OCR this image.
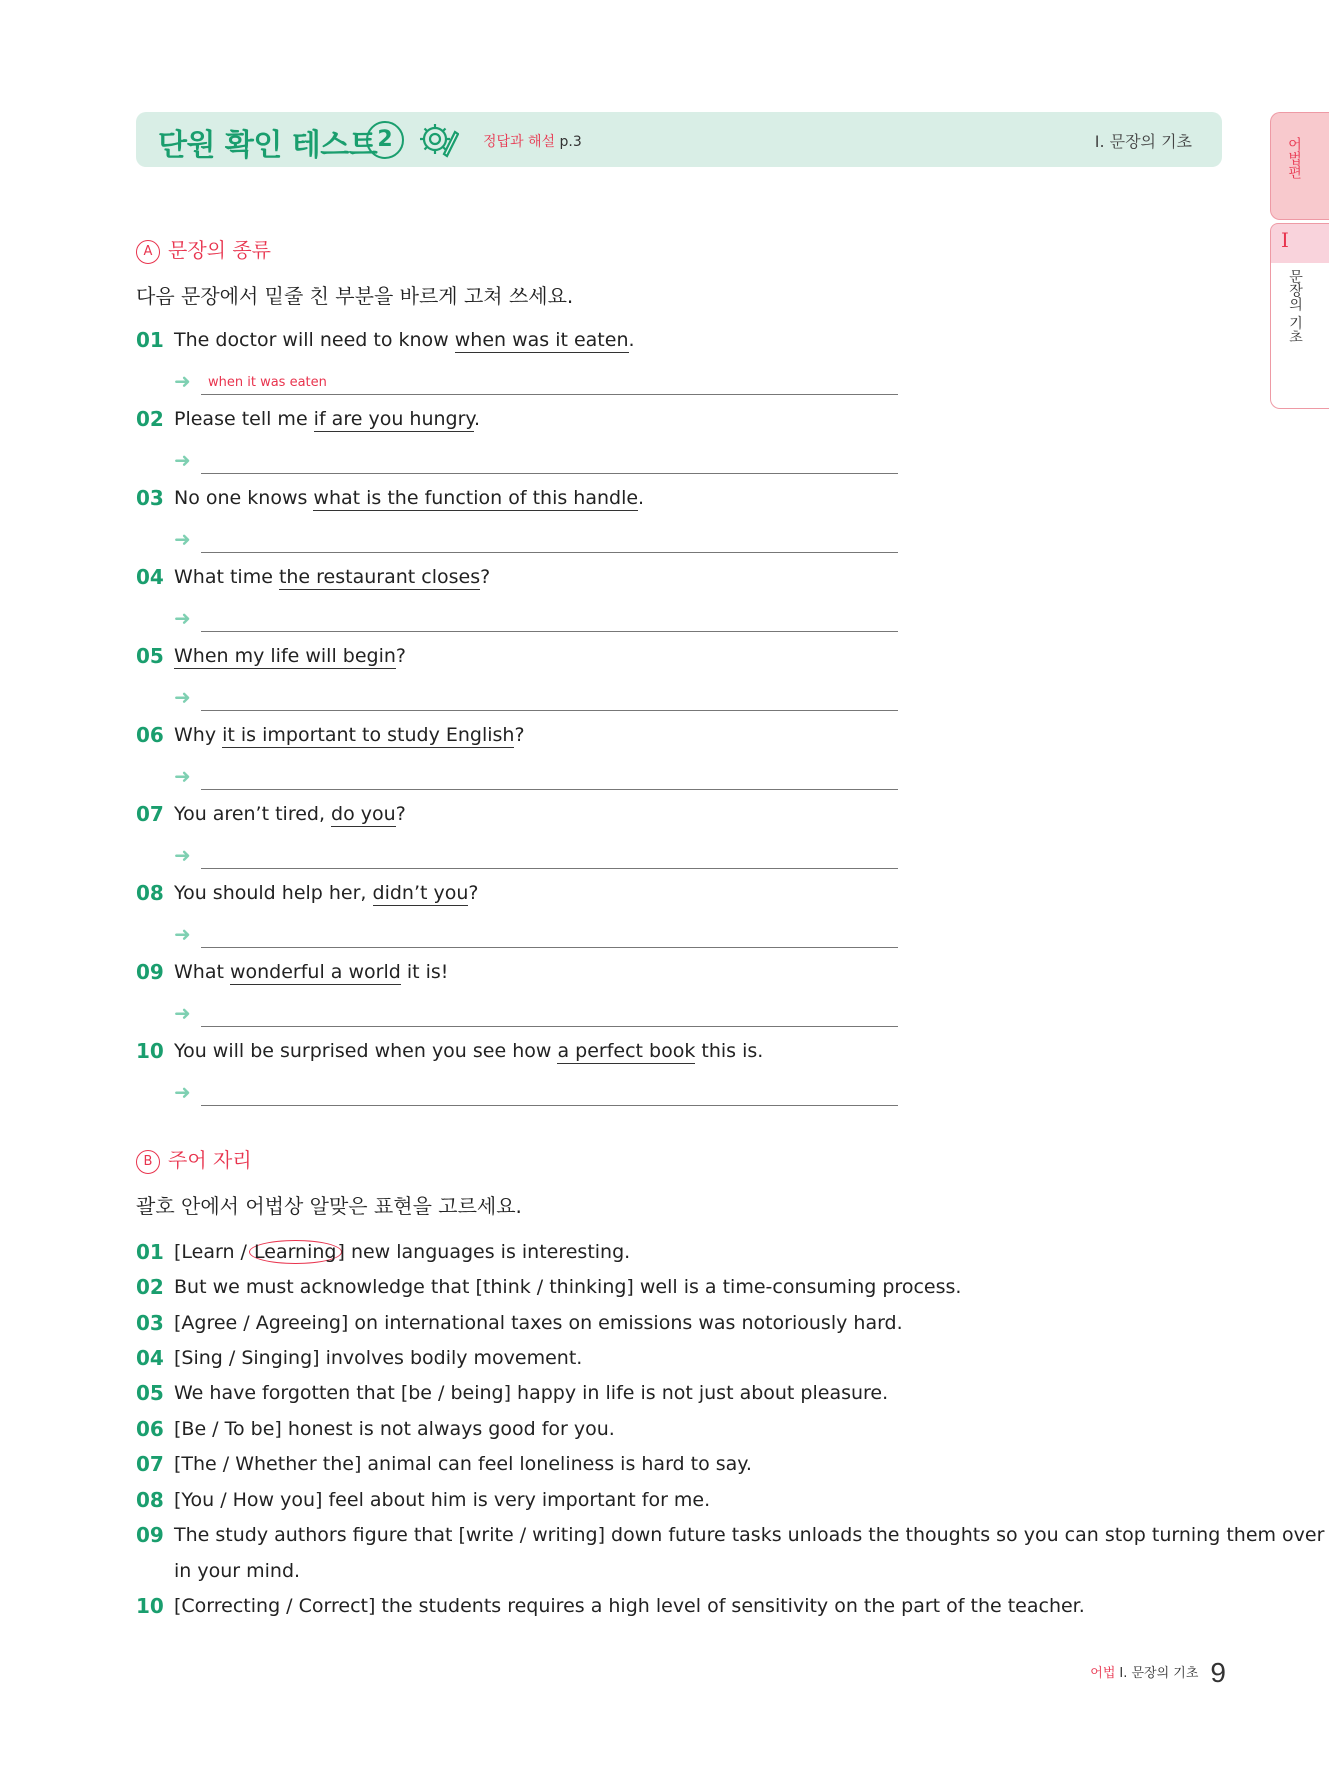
단원 확인 테스트 2	정답과 해설 p.3	Ⅰ. 문장의 기초	어법편
Ⅰ
문장의 기초
A 문장의 종류
다음 문장에서 밑줄 친 부분을 바르게 고쳐 쓰세요.
01 The doctor will need to know when was it eaten.
➜ when it was eaten
02 Please tell me if are you hungry.
➜
03 No one knows what is the function of this handle.
➜
04 What time the restaurant closes?
➜
05 When my life will begin?
➜
06 Why it is important to study English?
➜
07 You aren’t tired, do you?
➜
08 You should help her, didn’t you?
➜
09 What wonderful a world it is!
➜
10 You will be surprised when you see how a perfect book this is.
➜
B 주어 자리
괄호 안에서 어법상 알맞은 표현을 고르세요.
01 [Learn / Learning] new languages is interesting.
02 But we must acknowledge that [think / thinking] well is a time-consuming process.
03 [Agree / Agreeing] on international taxes on emissions was notoriously hard.
04 [Sing / Singing] involves bodily movement.
05 We have forgotten that [be / being] happy in life is not just about pleasure.
06 [Be / To be] honest is not always good for you.
07 [The / Whether the] animal can feel loneliness is hard to say.
08 [You / How you] feel about him is very important for me.
09 The study authors figure that [write / writing] down future tasks unloads the thoughts so you can stop turning them over
in your mind.
10 [Correcting / Correct] the students requires a high level of sensitivity on the part of the teacher.
어법 Ⅰ. 문장의 기초 9
